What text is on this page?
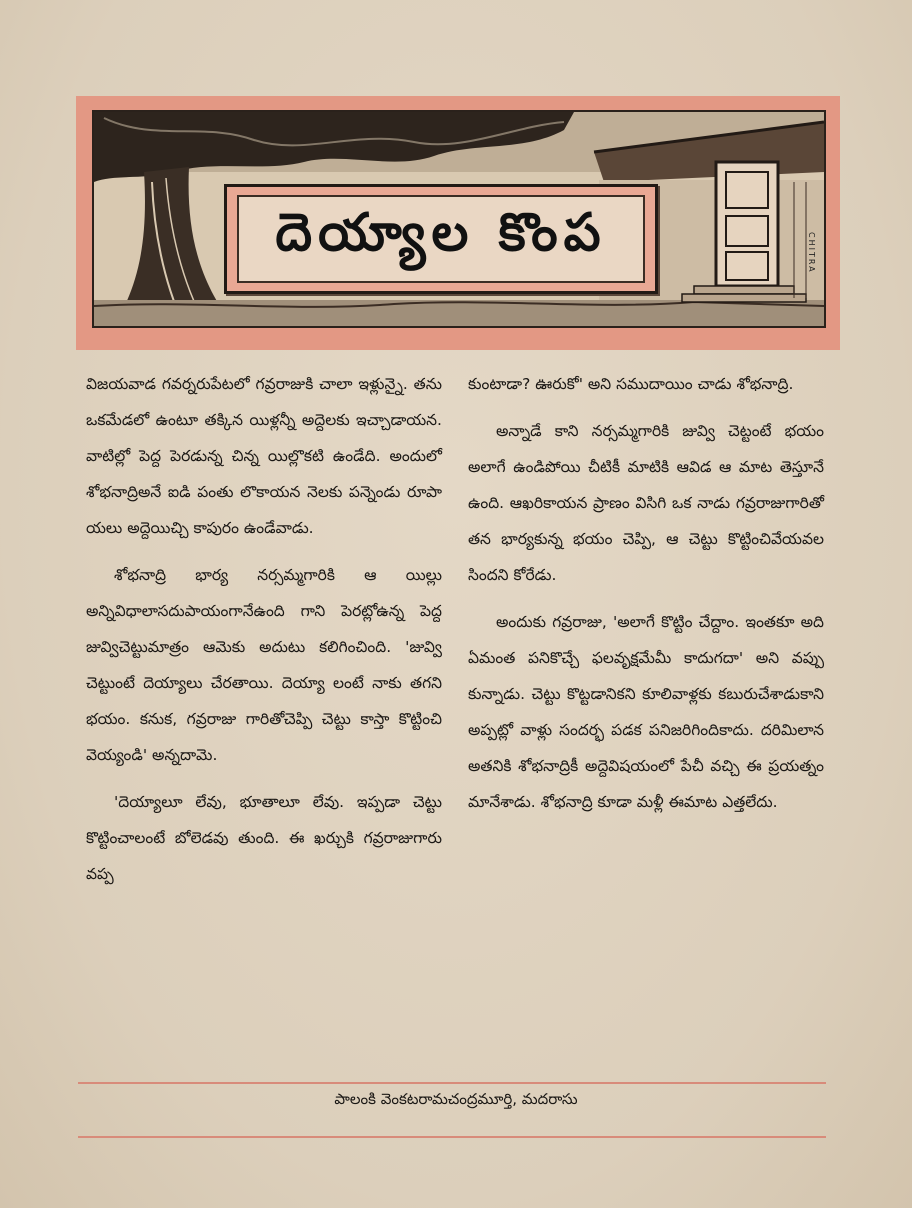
CHITRA
దెయ్యాల కొంప

విజయవాడ గవర్నరుపేటలో గవ్రరాజుకి చాలా ఇళ్లున్నై. తను ఒకమేడలో ఉంటూ తక్కిన యిళ్లన్నీ అద్దెలకు ఇచ్చాడాయన. వాటిల్లో పెద్ద పెరడున్న చిన్న యిల్లొకటి ఉండేది. అందులో శోభనాద్రిఅనే ఐడి పంతు లొకాయన నెలకు పన్నెండు రూపా యలు అద్దెయిచ్చి కాపురం ఉండేవాడు.

శోభనాద్రి భార్య నర్సమ్మగారికి ఆ యిల్లు అన్నివిధాలాసదుపాయంగానేఉంది గాని పెరట్లోఉన్న పెద్ద జువ్విచెట్టుమాత్రం ఆమెకు అదుటు కలిగించింది. 'జువ్వి చెట్టుంటే దెయ్యాలు చేరతాయి. దెయ్యా లంటే నాకు తగని భయం. కనుక, గవ్రరాజు గారితోచెప్పి చెట్టు కాస్తా కొట్టించి వెయ్యండి' అన్నదామె.

'దెయ్యాలూ లేవు, భూతాలూ లేవు. ఇప్పడా చెట్టు కొట్టించాలంటే బోలెడవు తుంది. ఈ ఖర్చుకి గవ్రరాజుగారు వప్ప

కుంటాడా? ఊరుకో' అని సముదాయిం చాడు శోభనాద్రి.

అన్నాడే కాని నర్సమ్మగారికి జువ్వి చెట్టంటే భయం అలాగే ఉండిపోయి చీటికీ మాటికి ఆవిడ ఆ మాట తెస్తూనే ఉంది. ఆఖరికాయన ప్రాణం విసిగి ఒక నాడు గవ్రరాజుగారితో తన భార్యకున్న భయం చెప్పి, ఆ చెట్టు కొట్టించివేయవల సిందని కోరేడు.

అందుకు గవ్రరాజు, 'అలాగే కొట్టిం చేద్దాం. ఇంతకూ అది ఏమంత పనికొచ్చే ఫలవృక్షమేమీ కాదుగదా' అని వప్పు కున్నాడు. చెట్టు కొట్టడానికని కూలివాళ్లకు కబురుచేశాడుకాని అప్పట్లో వాళ్లు సందర్భ పడక పనిజరిగిందికాదు. దరిమిలాన అతనికి శోభనాద్రికీ అద్దెవిషయంలో పేచీ వచ్చి ఈ ప్రయత్నం మానేశాడు. శోభనాద్రి కూడా మళ్లీ ఈమాట ఎత్తలేదు.

పాలంకి వెంకటరామచంద్రమూర్తి, మదరాసు
